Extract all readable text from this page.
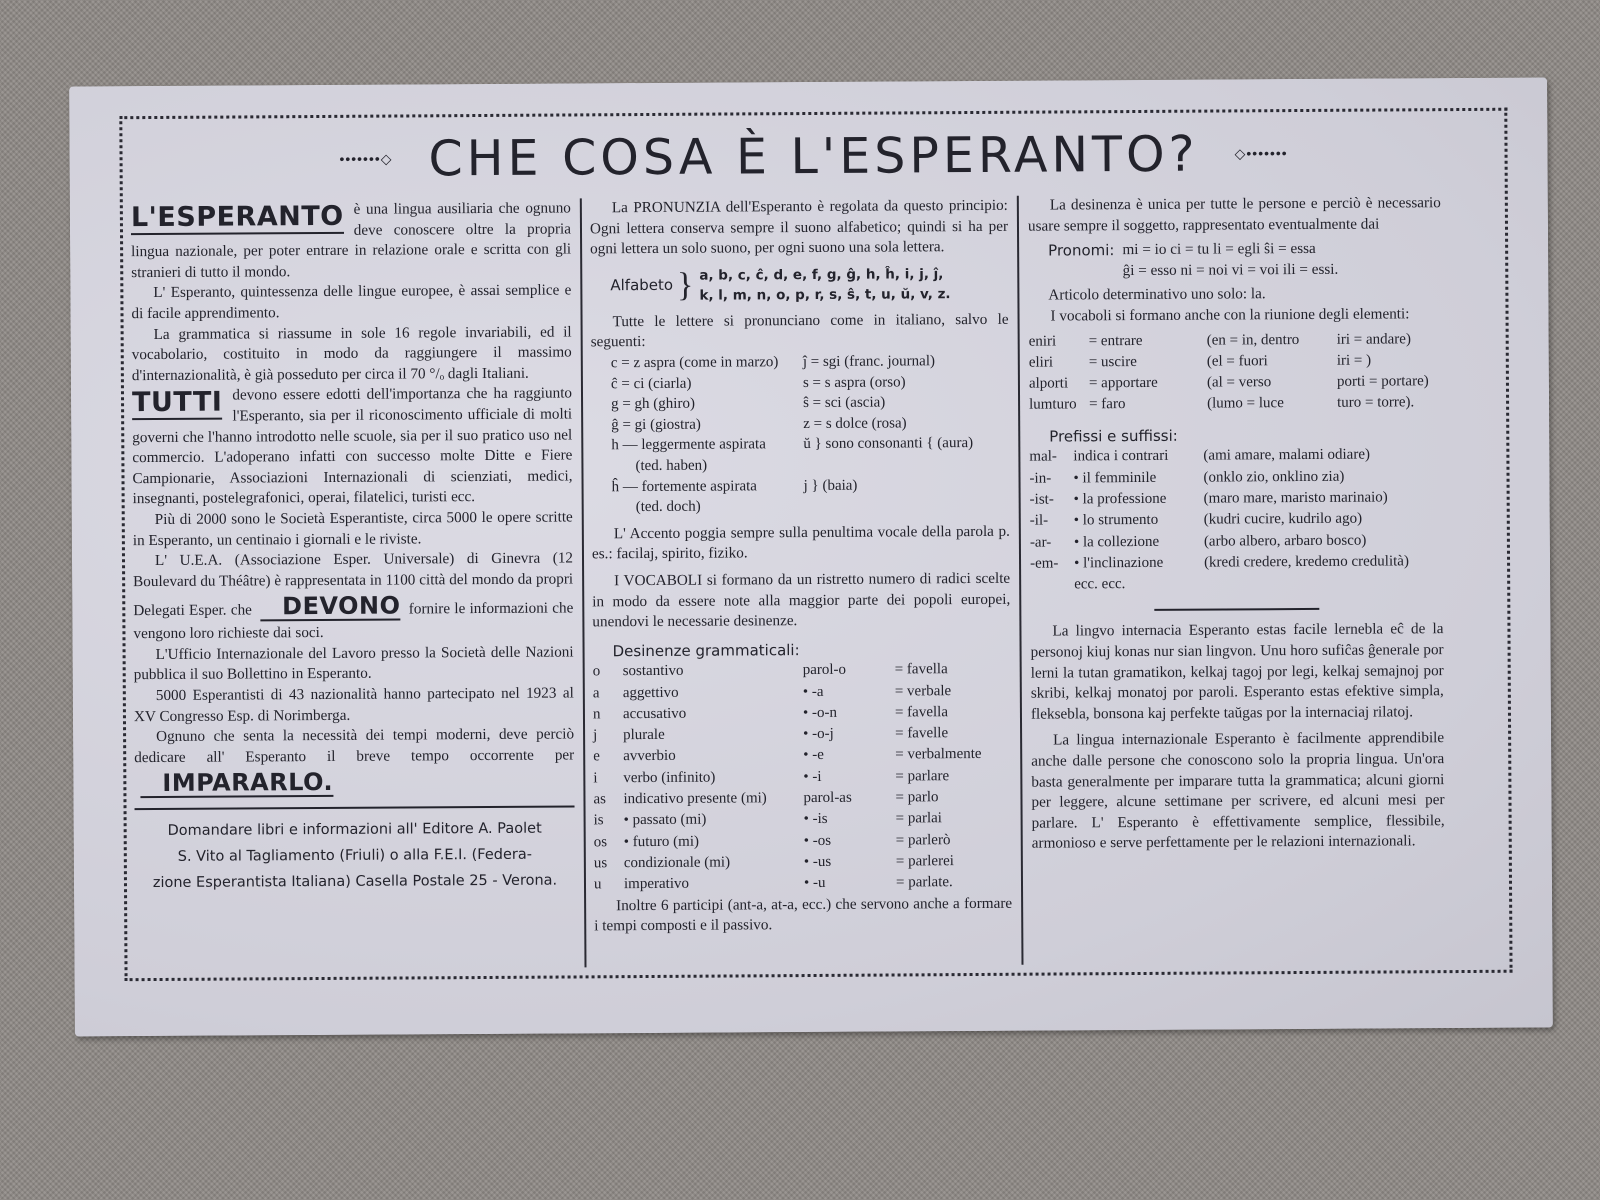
•••••••◇ CHE COSA È L'ESPERANTO?	◇•••••••

L'ESPERANTO è una lingua ausiliaria che ognuno deve conoscere oltre la propria lingua nazionale, per poter entrare in relazione orale e scritta con gli stranieri di tutto il mondo.

L' Esperanto, quintessenza delle lingue europee, è assai semplice e di facile apprendimento.

La grammatica si riassume in sole 16 regole invariabili, ed il vocabolario, costituito in modo da raggiungere il massimo d'internazionalità, è già posseduto per circa il 70 °/ₒ dagli Italiani.

TUTTI devono essere edotti dell'importanza che ha raggiunto l'Esperanto, sia per il riconoscimento ufficiale di molti governi che l'hanno introdotto nelle scuole, sia per il suo pratico uso nel commercio. L'adoperano infatti con successo molte Ditte e Fiere Campionarie, Associazioni Internazionali di scienziati, medici, insegnanti, postelegrafonici, operai, filatelici, turisti ecc.

Più di 2000 sono le Società Esperantiste, circa 5000 le opere scritte in Esperanto, un centinaio i giornali e le riviste.

L' U.E.A. (Associazione Esper. Universale) di Ginevra (12 Boulevard du Théâtre) è rappresentata in 1100 città del mondo da propri Delegati Esper. che DEVONO fornire le informazioni che vengono loro richieste dai soci.

L'Ufficio Internazionale del Lavoro presso la Società delle Nazioni pubblica il suo Bollettino in Esperanto.

5000 Esperantisti di 43 nazionalità hanno partecipato nel 1923 al XV Congresso Esp. di Norimberga.

Ognuno che senta la necessità dei tempi moderni, deve perciò dedicare all' Esperanto il breve tempo occorrente per IMPARARLO.

Domandare libri e informazioni all' Editore A. Paolet
S. Vito al Tagliamento (Friuli) o alla F.E.I. (Federa-
zione Esperantista Italiana) Casella Postale 25 - Verona.

La PRONUNZIA dell'Esperanto è regolata da questo principio: Ogni lettera conserva sempre il suono alfabetico; quindi si ha per ogni lettera un solo suono, per ogni suono una sola lettera.

Alfabeto } a, b, c, ĉ, d, e, f, g, ĝ, h, ĥ, i, j, ĵ,
k, l, m, n, o, p, r, s, ŝ, t, u, ŭ, v, z.

Tutte le lettere si pronunciano come in italiano, salvo le seguenti:

c = z aspra (come in marzo)	ĵ = sgi (franc. journal)
ĉ = ci (ciarla)	s = s aspra (orso)
g = gh (ghiro)	ŝ = sci (ascia)
ĝ = gi (giostra)	z = s dolce (rosa)
h — leggermente aspirata	ŭ } sono consonanti { (aura)
(ted. haben)
ĥ — fortemente aspirata	j } (baia)
(ted. doch)

L' Accento poggia sempre sulla penultima vocale della parola p. es.: facilaj, spirito, fiziko.

I VOCABOLI si formano da un ristretto numero di radici scelte in modo da essere note alla maggior parte dei popoli europei, unendovi le necessarie desinenze.

Desinenze grammaticali:
o	sostantivo	parol-o	= favella
a	aggettivo	• -a	= verbale
n	accusativo	• -o-n	= favella
j	plurale	• -o-j	= favelle
e	avverbio	• -e	= verbalmente
i	verbo (infinito)	• -i	= parlare
as	indicativo presente (mi)	parol-as	= parlo
is	• passato (mi)	• -is	= parlai
os	• futuro (mi)	• -os	= parlerò
us	condizionale (mi)	• -us	= parlerei
u	imperativo	• -u	= parlate.

Inoltre 6 participi (ant-a, at-a, ecc.) che servono anche a formare i tempi composti e il passivo.

La desinenza è unica per tutte le persone e perciò è necessario usare sempre il soggetto, rappresentato eventualmente dai

Pronomi: mi = io ci = tu li = egli ŝi = essa
ĝi = esso ni = noi vi = voi ili = essi.

Articolo determinativo uno solo: la.

I vocaboli si formano anche con la riunione degli elementi:

eniri	= entrare	(en = in, dentro	iri = andare)
eliri	= uscire	(el = fuori	iri = )
alporti	= apportare	(al = verso	porti = portare)
lumturo	= faro	(lumo = luce	turo = torre).
Prefissi e suffissi:
mal-	indica i contrari	(ami amare, malami odiare)
-in-	• il femminile	(onklo zio, onklino zia)
-ist-	• la professione	(maro mare, maristo marinaio)
-il-	• lo strumento	(kudri cucire, kudrilo ago)
-ar-	• la collezione	(arbo albero, arbaro bosco)
-em-	• l'inclinazione	(kredi credere, kredemo credulità)
	ecc. ecc.	

La lingvo internacia Esperanto estas facile lernebla eĉ de la personoj kiuj konas nur sian lingvon. Unu horo sufiĉas ĝenerale por lerni la tutan gramatikon, kelkaj tagoj por legi, kelkaj semajnoj por skribi, kelkaj monatoj por paroli. Esperanto estas efektive simpla, fleksebla, bonsona kaj perfekte taŭgas por la internaciaj rilatoj.

La lingua internazionale Esperanto è facilmente apprendibile anche dalle persone che conoscono solo la propria lingua. Un'ora basta generalmente per imparare tutta la grammatica; alcuni giorni per leggere, alcune settimane per scrivere, ed alcuni mesi per parlare. L' Esperanto è effettivamente semplice, flessibile, armonioso e serve perfettamente per le relazioni internazionali.
